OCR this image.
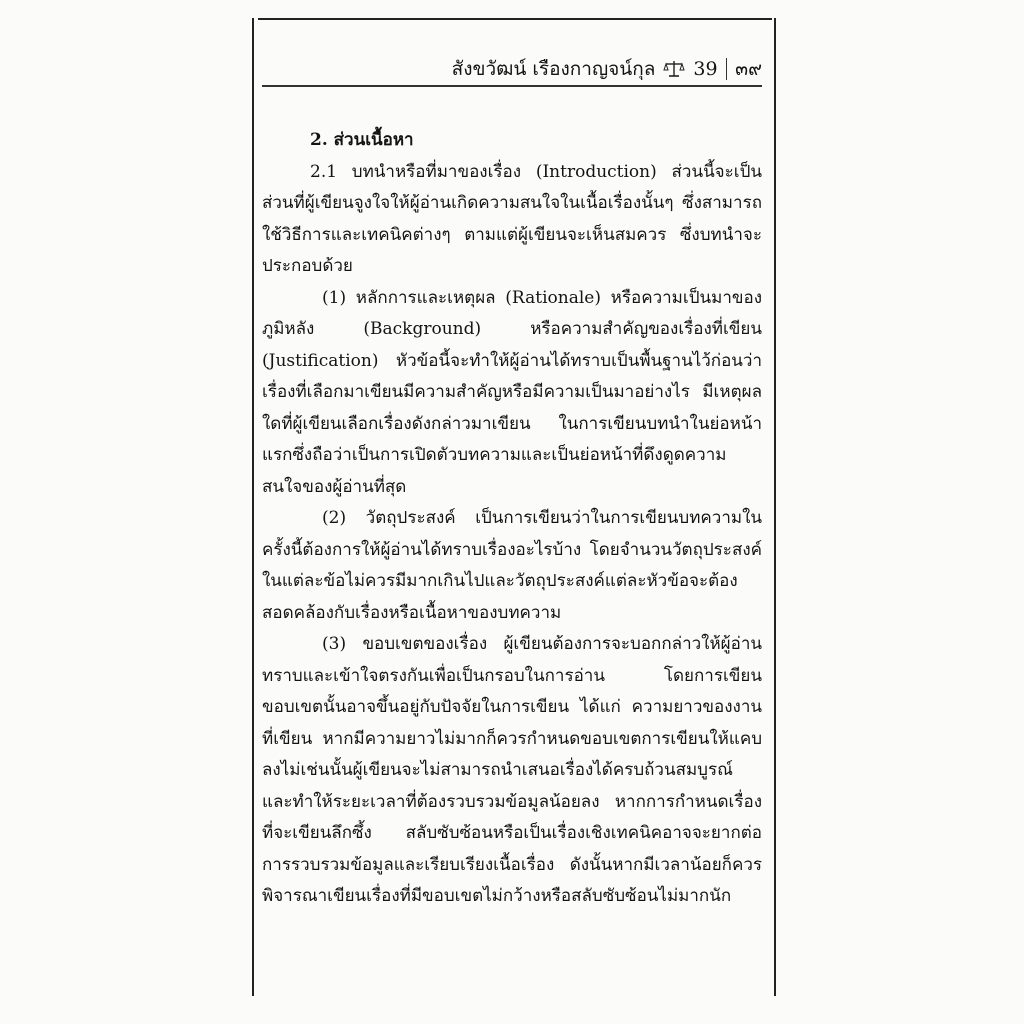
สังขวัฒน์ เรืองกาญจน์กุล 39 ๓๙

2. ส่วนเนื้อหา

2.1 บทนำหรือที่มาของเรื่อง (Introduction) ส่วนนี้จะเป็นส่วนที่ผู้เขียนจูงใจให้ผู้อ่านเกิดความสนใจในเนื้อเรื่องนั้นๆ ซึ่งสามารถใช้วิธีการและเทคนิคต่างๆ ตามแต่ผู้เขียนจะเห็นสมควร ซึ่งบทนำจะประกอบด้วย

(1) หลักการและเหตุผล (Rationale) หรือความเป็นมาของภูมิหลัง (Background) หรือความสำคัญของเรื่องที่เขียน (Justification) หัวข้อนี้จะทำให้ผู้อ่านได้ทราบเป็นพื้นฐานไว้ก่อนว่าเรื่องที่เลือกมาเขียนมีความสำคัญหรือมีความเป็นมาอย่างไร มีเหตุผลใดที่ผู้เขียนเลือกเรื่องดังกล่าวมาเขียน ในการเขียนบทนำในย่อหน้าแรกซึ่งถือว่าเป็นการเปิดตัวบทความและเป็นย่อหน้าที่ดึงดูดความสนใจของผู้อ่านที่สุด

(2) วัตถุประสงค์ เป็นการเขียนว่าในการเขียนบทความในครั้งนี้ต้องการให้ผู้อ่านได้ทราบเรื่องอะไรบ้าง โดยจำนวนวัตถุประสงค์ในแต่ละข้อไม่ควรมีมากเกินไปและวัตถุประสงค์แต่ละหัวข้อจะต้องสอดคล้องกับเรื่องหรือเนื้อหาของบทความ

(3) ขอบเขตของเรื่อง ผู้เขียนต้องการจะบอกกล่าวให้ผู้อ่านทราบและเข้าใจตรงกันเพื่อเป็นกรอบในการอ่าน โดยการเขียนขอบเขตนั้นอาจขึ้นอยู่กับปัจจัยในการเขียน ได้แก่ ความยาวของงานที่เขียน หากมีความยาวไม่มากก็ควรกำหนดขอบเขตการเขียนให้แคบลงไม่เช่นนั้นผู้เขียนจะไม่สามารถนำเสนอเรื่องได้ครบถ้วนสมบูรณ์และทำให้ระยะเวลาที่ต้องรวบรวมข้อมูลน้อยลง หากการกำหนดเรื่องที่จะเขียนลึกซึ้ง สลับซับซ้อนหรือเป็นเรื่องเชิงเทคนิคอาจจะยากต่อการรวบรวมข้อมูลและเรียบเรียงเนื้อเรื่อง ดังนั้นหากมีเวลาน้อยก็ควรพิจารณาเขียนเรื่องที่มีขอบเขตไม่กว้างหรือสลับซับซ้อนไม่มากนัก
